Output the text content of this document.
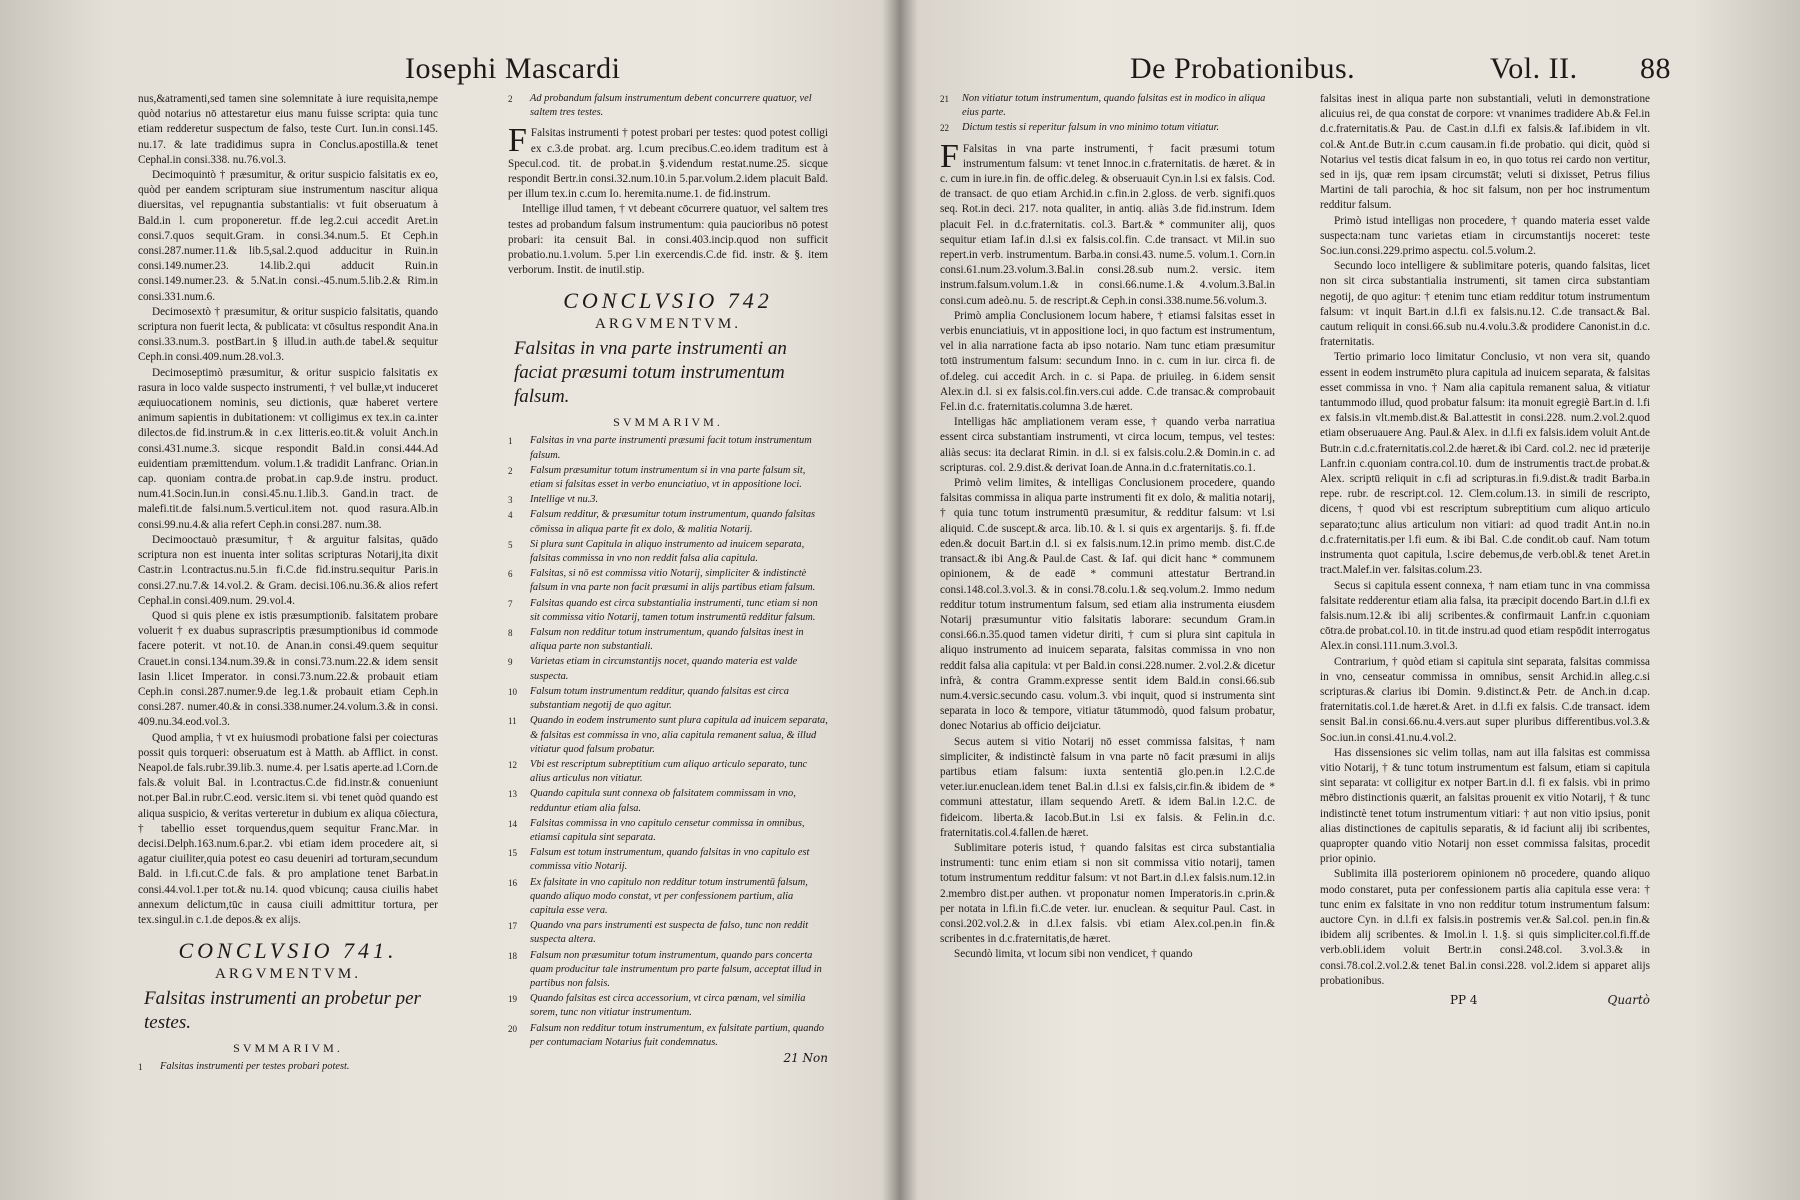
Iosephi Mascardi

nus,&atramenti,sed tamen sine solemnitate à iure requisita,nempe quòd notarius nō attestaretur eius manu fuisse scripta: quia tunc etiam redderetur suspectum de falso, teste Curt. Iun.in consi.145. nu.17. & late tradidimus supra in Conclus.apostilla.& tenet Cephal.in consi.338. nu.76.vol.3.

Decimoquintò † præsumitur, & oritur suspicio falsitatis ex eo, quòd per eandem scripturam siue instrumentum nascitur aliqua diuersitas, vel repugnantia substantialis: vt fuit obseruatum à Bald.in l. cum proponeretur. ff.de leg.2.cui accedit Aret.in consi.7.quos sequit.Gram. in consi.34.num.5. Et Ceph.in consi.287.numer.11.& lib.5,sal.2.quod adducitur in Ruin.in consi.149.numer.23. 14.lib.2.qui adducit Ruin.in consi.149.numer.23. & 5.Nat.in consi.-45.num.5.lib.2.& Rim.in consi.331.num.6.

Decimosextò † præsumitur, & oritur suspicio falsitatis, quando scriptura non fuerit lecta, & publicata: vt cōsultus respondit Ana.in consi.33.num.3. postBart.in § illud.in auth.de tabel.& sequitur Ceph.in consi.409.num.28.vol.3.

Decimoseptimò præsumitur, & oritur suspicio falsitatis ex rasura in loco valde suspecto instrumenti, † vel bullæ,vt induceret æquiuocationem nominis, seu dictionis, quæ haberet vertere animum sapientis in dubitationem: vt colligimus ex tex.in ca.inter dilectos.de fid.instrum.& in c.ex litteris.eo.tit.& voluit Anch.in consi.431.nume.3. sicque respondit Bald.in consi.444.Ad euidentiam præmittendum. volum.1.& tradidit Lanfranc. Orian.in cap. quoniam contra.de probat.in cap.9.de instru. product. num.41.Socin.Iun.in consi.45.nu.1.lib.3. Gand.in tract. de malefi.tit.de falsi.num.5.verticul.item not. quod rasura.Alb.in consi.99.nu.4.& alia refert Ceph.in consi.287. num.38.

Decimooctauò præsumitur, † & arguitur falsitas, quādo scriptura non est inuenta inter solitas scripturas Notarij,ita dixit Castr.in l.contractus.nu.5.in fi.C.de fid.instru.sequitur Paris.in consi.27.nu.7.& 14.vol.2. & Gram. decisi.106.nu.36.& alios refert Cephal.in consi.409.num. 29.vol.4.

Quod si quis plene ex istis præsumptionib. falsitatem probare voluerit † ex duabus suprascriptis præsumptionibus id commode facere poterit. vt not.10. de Anan.in consi.49.quem sequitur Crauet.in consi.134.num.39.& in consi.73.num.22.& idem sensit Iasin l.licet Imperator. in consi.73.num.22.& probauit etiam Ceph.in consi.287.numer.9.de leg.1.& probauit etiam Ceph.in consi.287. numer.40.& in consi.338.numer.24.volum.3.& in consi. 409.nu.34.eod.vol.3.

Quod amplia, † vt ex huiusmodi probatione falsi per coiecturas possit quis torqueri: obseruatum est à Matth. ab Afflict. in const. Neapol.de fals.rubr.39.lib.3. nume.4. per l.satis aperte.ad l.Corn.de fals.& voluit Bal. in l.contractus.C.de fid.instr.& conueniunt not.per Bal.in rubr.C.eod. versic.item si. vbi tenet quòd quando est aliqua suspicio, & veritas verteretur in dubium ex aliqua cōiectura, † tabellio esset torquendus,quem sequitur Franc.Mar. in decisi.Delph.163.num.6.par.2. vbi etiam idem procedere ait, si agatur ciuiliter,quia potest eo casu deueniri ad torturam,secundum Bald. in l.fi.cut.C.de fals. & pro amplatione tenet Barbat.in consi.44.vol.1.per tot.& nu.14. quod vbicunq; causa ciuilis habet annexum delictum,tūc in causa ciuili admittitur tortura, per tex.singul.in c.1.de depos.& ex alijs.

CONCLVSIO 741.
ARGVMENTVM.
Falsitas instrumenti an probetur per testes.
SVMMARIVM.
1 Falsitas instrumenti per testes probari potest.
2 Ad probandum falsum instrumentum debent concurrere quatuor, vel saltem tres testes.

F Falsitas instrumenti † potest probari per testes: quod potest colligi ex c.3.de probat. arg. l.cum precibus.C.eo.idem traditum est à Specul.cod. tit. de probat.in §.videndum restat.nume.25. sicque respondit Bertr.in consi.32.num.10.in 5.par.volum.2.idem placuit Bald. per illum tex.in c.cum Io. heremita.nume.1. de fid.instrum.

Intellige illud tamen, † vt debeant cōcurrere quatuor, vel saltem tres testes ad probandum falsum instrumentum: quia paucioribus nō potest probari: ita censuit Bal. in consi.403.incip.quod non sufficit probatio.nu.1.volum. 5.per l.in exercendis.C.de fid. instr. & §. item verborum. Instit. de inutil.stip.

CONCLVSIO 742
ARGVMENTVM.
Falsitas in vna parte instrumenti an faciat præsumi totum instrumentum falsum.
SVMMARIVM.
1 Falsitas in vna parte instrumenti præsumi facit totum instrumentum falsum.
2 Falsum præsumitur totum instrumentum si in vna parte falsum sit, etiam si falsitas esset in verbo enunciatiuo, vt in appositione loci.
3 Intellige vt nu.3.
4 Falsum redditur, & præsumitur totum instrumentum, quando falsitas cōmissa in aliqua parte fit ex dolo, & malitia Notarij.
5 Si plura sunt Capitula in aliquo instrumento ad inuicem separata, falsitas commissa in vno non reddit falsa alia capitula.
6 Falsitas, si nō est commissa vitio Notarij, simpliciter & indistinctè falsum in vna parte non facit præsumi in alijs partibus etiam falsum.
7 Falsitas quando est circa substantialia instrumenti, tunc etiam si non sit commissa vitio Notarij, tamen totum instrumentū redditur falsum.
8 Falsum non redditur totum instrumentum, quando falsitas inest in aliqua parte non substantiali.
9 Varietas etiam in circumstantijs nocet, quando materia est valde suspecta.
10 Falsum totum instrumentum redditur, quando falsitas est circa substantiam negotij de quo agitur.
11 Quando in eodem instrumento sunt plura capitula ad inuicem separata, & falsitas est commissa in vno, alia capitula remanent salua, & illud vitiatur quod falsum probatur.
12 Vbi est rescriptum subreptitium cum aliquo articulo separato, tunc alius articulus non vitiatur.
13 Quando capitula sunt connexa ob falsitatem commissam in vno, redduntur etiam alia falsa.
14 Falsitas commissa in vno capitulo censetur commissa in omnibus, etiamsi capitula sint separata.
15 Falsum est totum instrumentum, quando falsitas in vno capitulo est commissa vitio Notarij.
16 Ex falsitate in vno capitulo non redditur totum instrumentū falsum, quando aliquo modo constat, vt per confessionem partium, alia capitula esse vera.
17 Quando vna pars instrumenti est suspecta de falso, tunc non reddit suspecta altera.
18 Falsum non præsumitur totum instrumentum, quando pars concerta quam producitur tale instrumentum pro parte falsum, acceptat illud in partibus non falsis.
19 Quando falsitas est circa accessorium, vt circa pœnam, vel similia sorem, tunc non vitiatur instrumentum.
20 Falsum non redditur totum instrumentum, ex falsitate partium, quando per contumaciam Notarius fuit condemnatus.
21 Non
De Probationibus.	Vol. II. 88
21 Non vitiatur totum instrumentum, quando falsitas est in modico in aliqua eius parte.
22 Dictum testis si reperitur falsum in vno minimo totum vitiatur.

F Falsitas in vna parte instrumenti, † facit præsumi totum instrumentum falsum: vt tenet Innoc.in c.fraternitatis. de hæret. & in c. cum in iure.in fin. de offic.deleg. & obseruauit Cyn.in l.si ex falsis. Cod. de transact. de quo etiam Archid.in c.fin.in 2.gloss. de verb. signifi.quos seq. Rot.in deci. 217. nota qualiter, in antiq. aliàs 3.de fid.instrum. Idem placuit Fel. in d.c.fraternitatis. col.3. Bart.& * communiter alij, quos sequitur etiam Iaf.in d.l.si ex falsis.col.fin. C.de transact. vt Mil.in suo repert.in verb. instrumentum. Barba.in consi.43. nume.5. volum.1. Corn.in consi.61.num.23.volum.3.Bal.in consi.28.sub num.2. versic. item instrum.falsum.volum.1.& in consi.66.nume.1.& 4.volum.3.Bal.in consi.cum adeò.nu. 5. de rescript.& Ceph.in consi.338.nume.56.volum.3.

Primò amplia Conclusionem locum habere, † etiamsi falsitas esset in verbis enunciatiuis, vt in appositione loci, in quo factum est instrumentum, vel in alia narratione facta ab ipso notario. Nam tunc etiam præsumitur totū instrumentum falsum: secundum Inno. in c. cum in iur. circa fi. de of.deleg. cui accedit Arch. in c. si Papa. de priuileg. in 6.idem sensit Alex.in d.l. si ex falsis.col.fin.vers.cui adde. C.de transac.& comprobauit Fel.in d.c. fraternitatis.columna 3.de hæret.

Intelligas hāc ampliationem veram esse, † quando verba narratiua essent circa substantiam instrumenti, vt circa locum, tempus, vel testes: aliàs secus: ita declarat Rimin. in d.l. si ex falsis.colu.2.& Domin.in c. ad scripturas. col. 2.9.dist.& derivat Ioan.de Anna.in d.c.fraternitatis.co.1.

Primò velim limites, & intelligas Conclusionem procedere, quando falsitas commissa in aliqua parte instrumenti fit ex dolo, & malitia notarij, † quia tunc totum instrumentū præsumitur, & redditur falsum: vt l.si aliquid. C.de suscept.& arca. lib.10. & l. si quis ex argentarijs. §. fi. ff.de eden.& docuit Bart.in d.l. si ex falsis.num.12.in primo memb. dist.C.de transact.& ibi Ang.& Paul.de Cast. & Iaf. qui dicit hanc * communem opinionem, & de eadē * communi attestatur Bertrand.in consi.148.col.3.vol.3. & in consi.78.colu.1.& seq.volum.2. Immo nedum redditur totum instrumentum falsum, sed etiam alia instrumenta eiusdem Notarij præsumuntur vitio falsitatis laborare: secundum Gram.in consi.66.n.35.quod tamen videtur diriti, † cum si plura sint capitula in aliquo instrumento ad inuicem separata, falsitas commissa in vno non reddit falsa alia capitula: vt per Bald.in consi.228.numer. 2.vol.2.& dicetur infrà, & contra Gramm.expresse sentit idem Bald.in consi.66.sub num.4.versic.secundo casu. volum.3. vbi inquit, quod si instrumenta sint separata in loco & tempore, vitiatur tātummodò, quod falsum probatur, donec Notarius ab officio deijciatur.

Secus autem si vitio Notarij nō esset commissa falsitas, † nam simpliciter, & indistinctè falsum in vna parte nō facit præsumi in alijs partibus etiam falsum: iuxta sententiā glo.pen.in l.2.C.de veter.iur.enuclean.idem tenet Bal.in d.l.si ex falsis,cir.fin.& ibidem de * communi attestatur, illam sequendo Aretī. & idem Bal.in l.2.C. de fideicom. liberta.& Iacob.But.in l.si ex falsis. & Felin.in d.c. fraternitatis.col.4.fallen.de hæret.

Sublimitare poteris istud, † quando falsitas est circa substantialia instrumenti: tunc enim etiam si non sit commissa vitio notarij, tamen totum instrumentum redditur falsum: vt not Bart.in d.l.ex falsis.num.12.in 2.membro dist.per authen. vt proponatur nomen Imperatoris.in c.prin.& per notata in l.fi.in fi.C.de veter. iur. enuclean. & sequitur Paul. Cast. in consi.202.vol.2.& in d.l.ex falsis. vbi etiam Alex.col.pen.in fin.& scribentes in d.c.fraternitatis,de hæret.

Secundò limita, vt locum sibi non vendicet, † quando

falsitas inest in aliqua parte non substantiali, veluti in demonstratione alicuius rei, de qua constat de corpore: vt vnanimes tradidere Ab.& Fel.in d.c.fraternitatis.& Pau. de Cast.in d.l.fi ex falsis.& Iaf.ibidem in vlt. col.& Ant.de Butr.in c.cum causam.in fi.de probatio. qui dicit, quòd si Notarius vel testis dicat falsum in eo, in quo totus rei cardo non vertitur, sed in ijs, quæ rem ipsam circumstāt; veluti si dixisset, Petrus filius Martini de tali parochia, & hoc sit falsum, non per hoc instrumentum redditur falsum.

Primò istud intelligas non procedere, † quando materia esset valde suspecta:nam tunc varietas etiam in circumstantijs noceret: teste Soc.iun.consi.229.primo aspectu. col.5.volum.2.

Secundo loco intelligere & sublimitare poteris, quando falsitas, licet non sit circa substantialia instrumenti, sit tamen circa substantiam negotij, de quo agitur: † etenim tunc etiam redditur totum instrumentum falsum: vt inquit Bart.in d.l.fi ex falsis.nu.12. C.de transact.& Bal. cautum reliquit in consi.66.sub nu.4.volu.3.& prodidere Canonist.in d.c. fraternitatis.

Tertio primario loco limitatur Conclusio, vt non vera sit, quando essent in eodem instrumēto plura capitula ad inuicem separata, & falsitas esset commissa in vno. † Nam alia capitula remanent salua, & vitiatur tantummodo illud, quod probatur falsum: ita monuit egregiè Bart.in d. l.fi ex falsis.in vlt.memb.dist.& Bal.attestit in consi.228. num.2.vol.2.quod etiam obseruauere Ang. Paul.& Alex. in d.l.fi ex falsis.idem voluit Ant.de Butr.in c.d.c.fraternitatis.col.2.de hæret.& ibi Card. col.2. nec id præterije Lanfr.in c.quoniam contra.col.10. dum de instrumentis tract.de probat.& Alex. scriptū reliquit in c.fi ad scripturas.in fi.9.dist.& tradit Barba.in repe. rubr. de rescript.col. 12. Clem.colum.13. in simili de rescripto, dicens, † quod vbi est rescriptum subreptitium cum aliquo articulo separato;tunc alius articulum non vitiari: ad quod tradit Ant.in no.in d.c.fraternitatis.per l.fi eum. & ibi Bal. C.de condit.ob cauf. Nam totum instrumenta quot capitula, l.scire debemus,de verb.obl.& tenet Aret.in tract.Malef.in ver. falsitas.colum.23.

Secus si capitula essent connexa, † nam etiam tunc in vna commissa falsitate redderentur etiam alia falsa, ita præcipit docendo Bart.in d.l.fi ex falsis.num.12.& ibi alij scribentes.& confirmauit Lanfr.in c.quoniam cōtra.de probat.col.10. in tit.de instru.ad quod etiam respōdit interrogatus Alex.in consi.111.num.3.vol.3.

Contrarium, † quòd etiam si capitula sint separata, falsitas commissa in vno, censeatur commissa in omnibus, sensit Archid.in alleg.c.si scripturas.& clarius ibi Domin. 9.distinct.& Petr. de Anch.in d.cap. fraternitatis.col.1.de hæret.& Aret. in d.l.fi ex falsis. C.de transact. idem sensit Bal.in consi.66.nu.4.vers.aut super pluribus differentibus.vol.3.& Soc.iun.in consi.41.nu.4.vol.2.

Has dissensiones sic velim tollas, nam aut illa falsitas est commissa vitio Notarij, † & tunc totum instrumentum est falsum, etiam si capitula sint separata: vt colligitur ex notper Bart.in d.l. fi ex falsis. vbi in primo mēbro distinctionis quærit, an falsitas prouenit ex vitio Notarij, † & tunc indistinctè tenet totum instrumentum vitiari: † aut non vitio ipsius, ponit alias distinctiones de capitulis separatis, & id faciunt alij ibi scribentes, quapropter quando vitio Notarij non esset commissa falsitas, procedit prior opinio.

Sublimita illā posteriorem opinionem nō procedere, quando aliquo modo constaret, puta per confessionem partis alia capitula esse vera: † tunc enim ex falsitate in vno non redditur totum instrumentum falsum: auctore Cyn. in d.l.fi ex falsis.in postremis ver.& Sal.col. pen.in fin.& ibidem alij scribentes. & Imol.in l. 1.§. si quis simpliciter.col.fi.ff.de verb.obli.idem voluit Bertr.in consi.248.col. 3.vol.3.& in consi.78.col.2.vol.2.& tenet Bal.in consi.228. vol.2.idem si apparet alijs probationibus.

PP 4	Quartò
